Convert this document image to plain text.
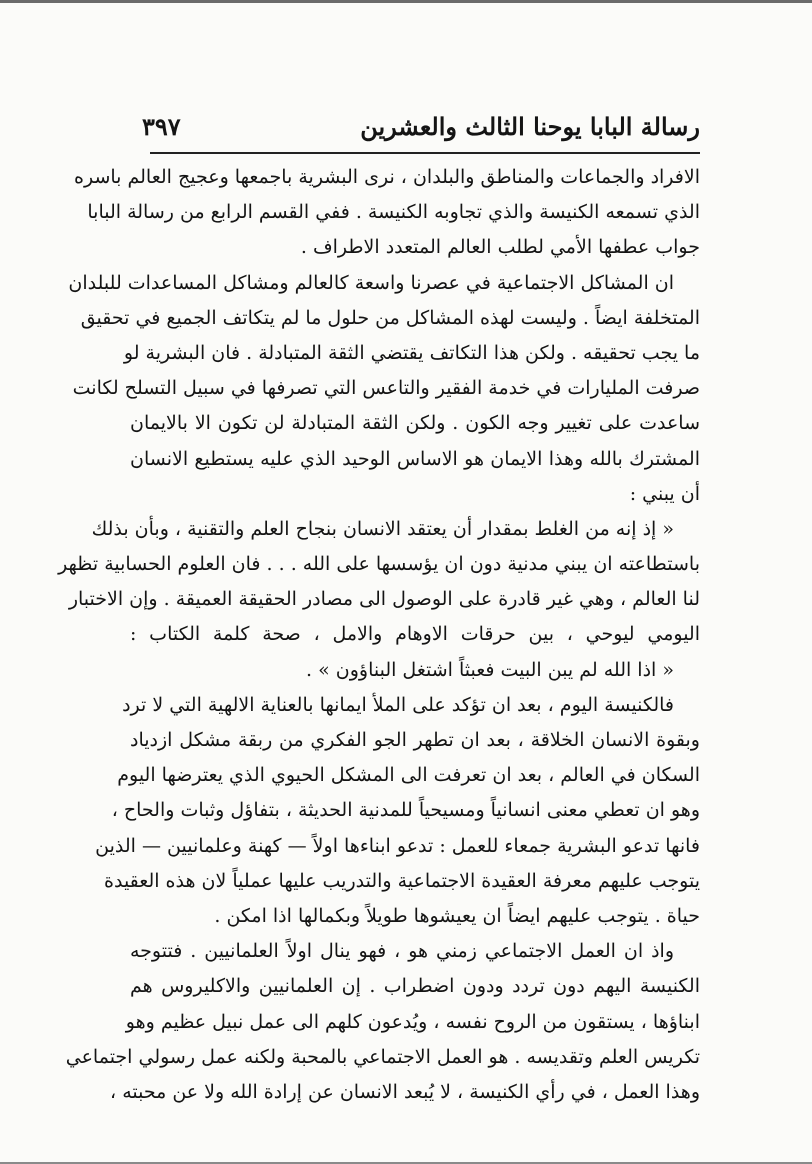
رسالة البابا يوحنا الثالث والعشرين
٣٩٧
الافراد والجماعات والمناطق والبلدان ، نرى البشرية باجمعها وعجيج العالم باسره
الذي تسمعه الكنيسة والذي تجاوبه الكنيسة . ففي القسم الرابع من رسالة البابا
جواب عطفها الأمي لطلب العالم المتعدد الاطراف .
ان المشاكل الاجتماعية في عصرنا واسعة كالعالم ومشاكل المساعدات للبلدان
المتخلفة ايضاً . وليست لهذه المشاكل من حلول ما لم يتكاتف الجميع في تحقيق
ما يجب تحقيقه . ولكن هذا التكاتف يقتضي الثقة المتبادلة . فان البشرية لو
صرفت المليارات في خدمة الفقير والتاعس التي تصرفها في سبيل التسلح لكانت
ساعدت على تغيير وجه الكون . ولكن الثقة المتبادلة لن تكون الا بالايمان
المشترك بالله وهذا الايمان هو الاساس الوحيد الذي عليه يستطيع الانسان
أن يبني :
« إذ إنه من الغلط بمقدار أن يعتقد الانسان بنجاح العلم والتقنية ، وبأن بذلك
باستطاعته ان يبني مدنية دون ان يؤسسها على الله . . . فان العلوم الحسابية تظهر
لنا العالم ، وهي غير قادرة على الوصول الى مصادر الحقيقة العميقة . وإن الاختبار
اليومي ليوحي ، بين حرقات الاوهام والامل ، صحة كلمة الكتاب :
« اذا الله لم يبن البيت فعبثاً اشتغل البناؤون » .
فالكنيسة اليوم ، بعد ان تؤكد على الملأ ايمانها بالعناية الالهية التي لا ترد
وبقوة الانسان الخلاقة ، بعد ان تطهر الجو الفكري من ربقة مشكل ازدياد
السكان في العالم ، بعد ان تعرفت الى المشكل الحيوي الذي يعترضها اليوم
وهو ان تعطي معنى انسانياً ومسيحياً للمدنية الحديثة ، بتفاؤل وثبات والحاح ،
فانها تدعو البشرية جمعاء للعمل : تدعو ابناءها اولاً — كهنة وعلمانيين — الذين
يتوجب عليهم معرفة العقيدة الاجتماعية والتدريب عليها عملياً لان هذه العقيدة
حياة . يتوجب عليهم ايضاً ان يعيشوها طويلاً وبكمالها اذا امكن .
واذ ان العمل الاجتماعي زمني هو ، فهو ينال اولاً العلمانيين . فتتوجه
الكنيسة اليهم دون تردد ودون اضطراب . إن العلمانيين والاكليروس هم
ابناؤها ، يستقون من الروح نفسه ، ويُدعون كلهم الى عمل نبيل عظيم وهو
تكريس العلم وتقديسه . هو العمل الاجتماعي بالمحبة ولكنه عمل رسولي اجتماعي
وهذا العمل ، في رأي الكنيسة ، لا يُبعد الانسان عن إرادة الله ولا عن محبته ،
